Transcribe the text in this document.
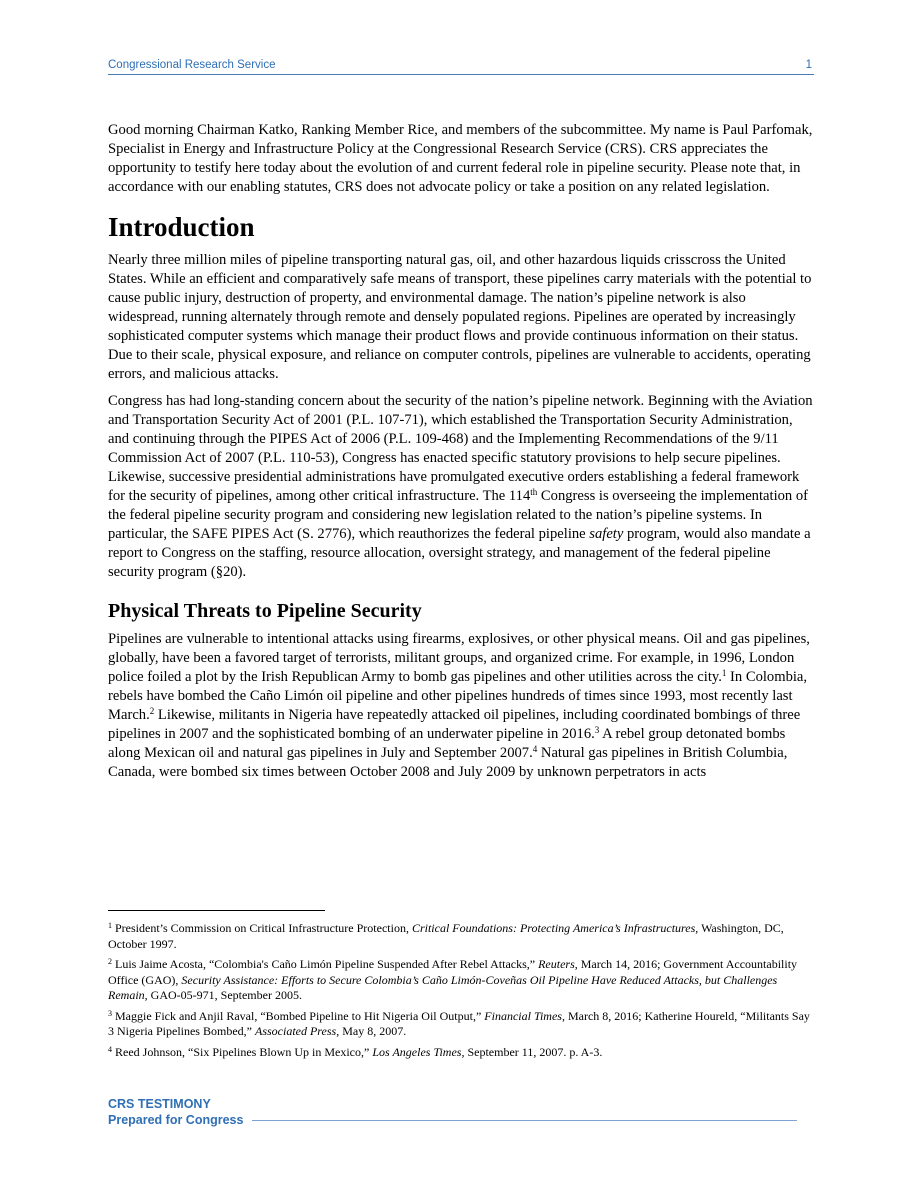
Congressional Research Service	1

Good morning Chairman Katko, Ranking Member Rice, and members of the subcommittee. My name is Paul Parfomak, Specialist in Energy and Infrastructure Policy at the Congressional Research Service (CRS). CRS appreciates the opportunity to testify here today about the evolution of and current federal role in pipeline security. Please note that, in accordance with our enabling statutes, CRS does not advocate policy or take a position on any related legislation.

Introduction

Nearly three million miles of pipeline transporting natural gas, oil, and other hazardous liquids crisscross the United States. While an efficient and comparatively safe means of transport, these pipelines carry materials with the potential to cause public injury, destruction of property, and environmental damage. The nation’s pipeline network is also widespread, running alternately through remote and densely populated regions. Pipelines are operated by increasingly sophisticated computer systems which manage their product flows and provide continuous information on their status. Due to their scale, physical exposure, and reliance on computer controls, pipelines are vulnerable to accidents, operating errors, and malicious attacks.

Congress has had long-standing concern about the security of the nation’s pipeline network. Beginning with the Aviation and Transportation Security Act of 2001 (P.L. 107-71), which established the Transportation Security Administration, and continuing through the PIPES Act of 2006 (P.L. 109-468) and the Implementing Recommendations of the 9/11 Commission Act of 2007 (P.L. 110-53), Congress has enacted specific statutory provisions to help secure pipelines. Likewise, successive presidential administrations have promulgated executive orders establishing a federal framework for the security of pipelines, among other critical infrastructure. The 114th Congress is overseeing the implementation of the federal pipeline security program and considering new legislation related to the nation’s pipeline systems. In particular, the SAFE PIPES Act (S. 2776), which reauthorizes the federal pipeline safety program, would also mandate a report to Congress on the staffing, resource allocation, oversight strategy, and management of the federal pipeline security program (§20).

Physical Threats to Pipeline Security

Pipelines are vulnerable to intentional attacks using firearms, explosives, or other physical means. Oil and gas pipelines, globally, have been a favored target of terrorists, militant groups, and organized crime. For example, in 1996, London police foiled a plot by the Irish Republican Army to bomb gas pipelines and other utilities across the city.$^1$ In Colombia, rebels have bombed the Caño Limón oil pipeline and other pipelines hundreds of times since 1993, most recently last March.$^2$ Likewise, militants in Nigeria have repeatedly attacked oil pipelines, including coordinated bombings of three pipelines in 2007 and the sophisticated bombing of an underwater pipeline in 2016.$^3$ A rebel group detonated bombs along Mexican oil and natural gas pipelines in July and September 2007.$^4$ Natural gas pipelines in British Columbia, Canada, were bombed six times between October 2008 and July 2009 by unknown perpetrators in acts

$^1$ President’s Commission on Critical Infrastructure Protection, Critical Foundations: Protecting America’s Infrastructures, Washington, DC, October 1997.
$^2$ Luis Jaime Acosta, “Colombia's Caño Limón Pipeline Suspended After Rebel Attacks,” Reuters, March 14, 2016; Government Accountability Office (GAO), Security Assistance: Efforts to Secure Colombia’s Caño Limón-Coveñas Oil Pipeline Have Reduced Attacks, but Challenges Remain, GAO-05-971, September 2005.
$^3$ Maggie Fick and Anjil Raval, “Bombed Pipeline to Hit Nigeria Oil Output,” Financial Times, March 8, 2016; Katherine Houreld, “Militants Say 3 Nigeria Pipelines Bombed,” Associated Press, May 8, 2007.
$^4$ Reed Johnson, “Six Pipelines Blown Up in Mexico,” Los Angeles Times, September 11, 2007. p. A-3.
CRS TESTIMONY
Prepared for Congress
